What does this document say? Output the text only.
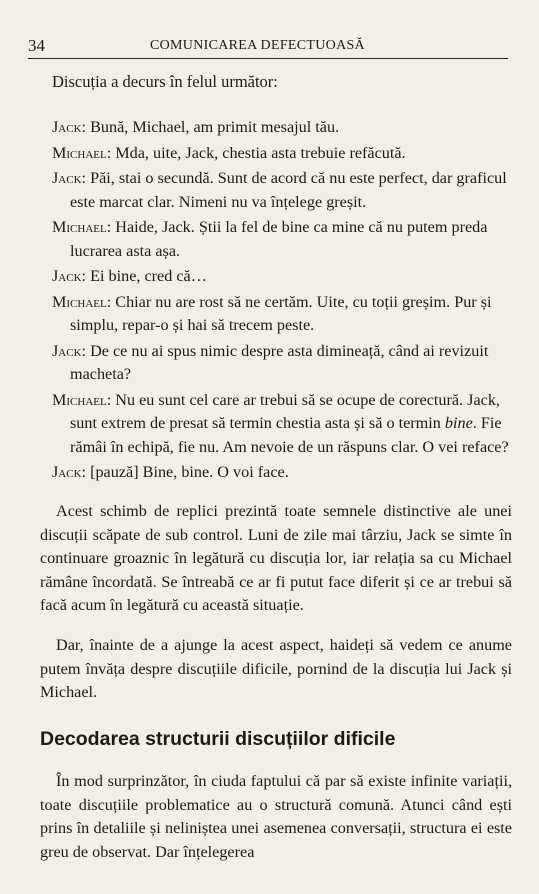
34	COMUNICAREA DEFECTUOASĂ
Discuția a decurs în felul următor:
Jack: Bună, Michael, am primit mesajul tău.
Michael: Mda, uite, Jack, chestia asta trebuie refăcută.
Jack: Păi, stai o secundă. Sunt de acord că nu este perfect, dar graficul este marcat clar. Nimeni nu va înțelege greșit.
Michael: Haide, Jack. Știi la fel de bine ca mine că nu putem preda lucrarea asta așa.
Jack: Ei bine, cred că…
Michael: Chiar nu are rost să ne certăm. Uite, cu toții greșim. Pur și simplu, repar-o și hai să trecem peste.
Jack: De ce nu ai spus nimic despre asta dimineață, când ai revizuit macheta?
Michael: Nu eu sunt cel care ar trebui să se ocupe de corectură. Jack, sunt extrem de presat să termin chestia asta și să o termin bine. Fie rămâi în echipă, fie nu. Am nevoie de un răspuns clar. O vei reface?
Jack: [pauză] Bine, bine. O voi face.

Acest schimb de replici prezintă toate semnele distinctive ale unei discuții scăpate de sub control. Luni de zile mai târziu, Jack se simte în continuare groaznic în legătură cu discuția lor, iar relația sa cu Michael rămâne încordată. Se întreabă ce ar fi putut face diferit și ce ar trebui să facă acum în legătură cu această situație.

Dar, înainte de a ajunge la acest aspect, haideți să vedem ce anume putem învăța despre discuțiile dificile, pornind de la discuția lui Jack și Michael.

Decodarea structurii discuțiilor dificile

În mod surprinzător, în ciuda faptului că par să existe infinite variații, toate discuțiile problematice au o structură comună. Atunci când ești prins în detaliile și neliniștea unei asemenea conversații, structura ei este greu de observat. Dar înțelegerea
